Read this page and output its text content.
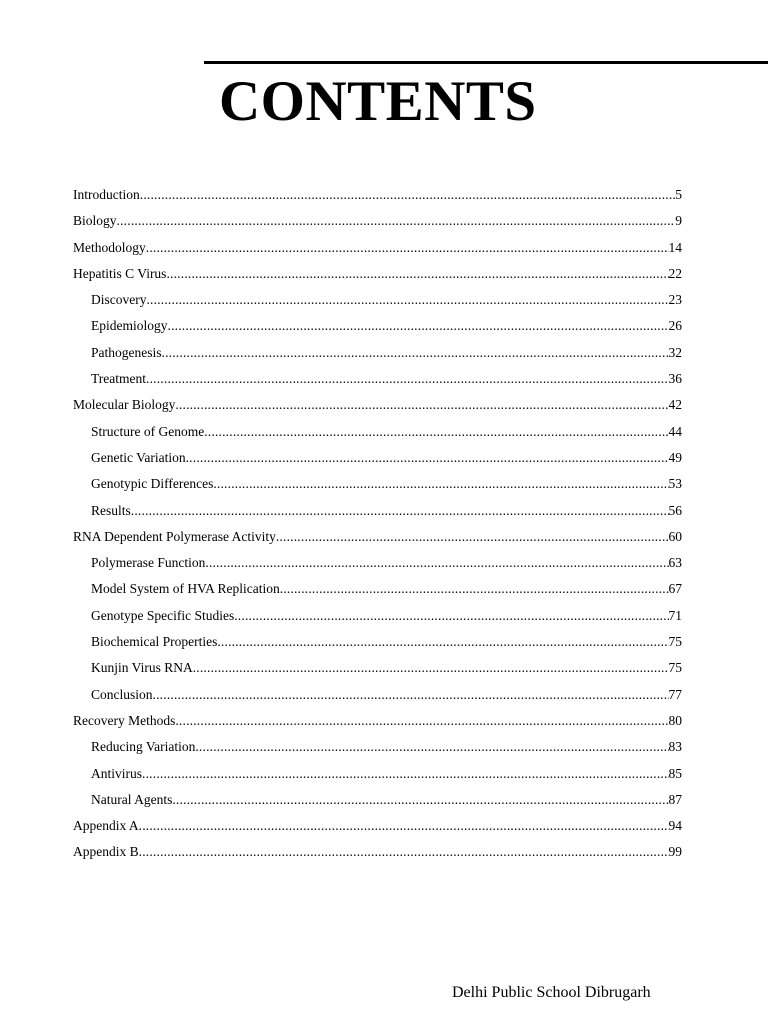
CONTENTS
Introduction .....	5
Biology .....	9
Methodology .....	14
Hepatitis C Virus .....	22
Discovery .....	23
Epidemiology .....	26
Pathogenesis .....	32
Treatment .....	36
Molecular Biology .....	42
Structure of Genome .....	44
Genetic Variation .....	49
Genotypic Differences .....	53
Results .....	56
RNA Dependent Polymerase Activity .....	60
Polymerase Function .....	63
Model System of HVA Replication .....	67
Genotype Specific Studies .....	71
Biochemical Properties .....	75
Kunjin Virus RNA .....	75
Conclusion .....	77
Recovery Methods .....	80
Reducing Variation .....	83
Antivirus .....	85
Natural Agents .....	87
Appendix A .....	94
Appendix B .....	99
Delhi Public School Dibrugarh
